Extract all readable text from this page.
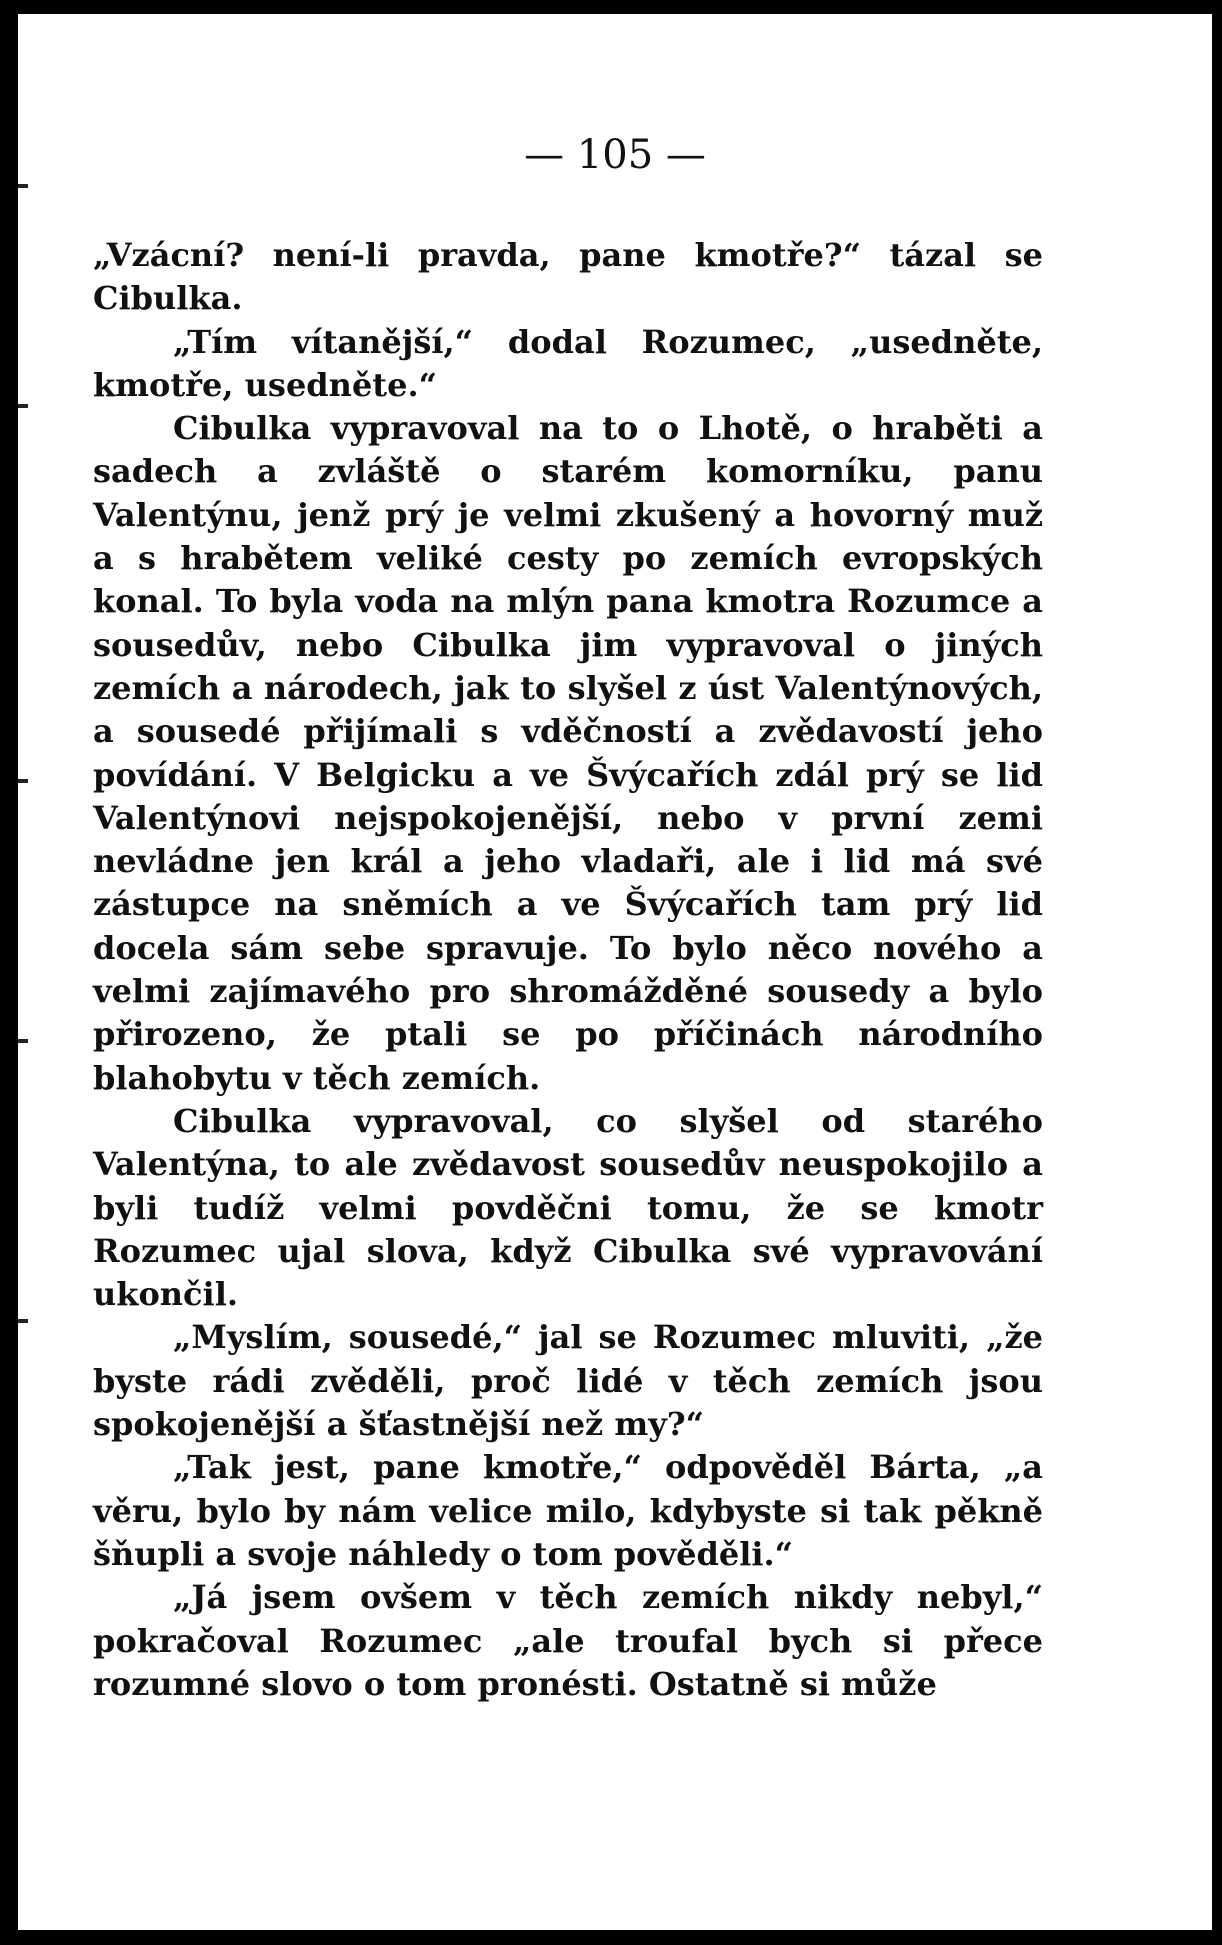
— 105 —

„Vzácní? není-li pravda, pane kmotře?“ tázal se Cibulka.

„Tím vítanější,“ dodal Rozumec, „usedněte, kmotře, usedněte.“

Cibulka vypravoval na to o Lhotě, o hraběti a sadech a zvláště o starém komorníku, panu Valentýnu, jenž prý je velmi zkušený a hovorný muž a s hrabětem veliké cesty po zemích evropských konal. To byla voda na mlýn pana kmotra Rozumce a sousedův, nebo Cibulka jim vypravoval o jiných zemích a národech, jak to slyšel z úst Valentýnových, a sousedé přijímali s vděčností a zvědavostí jeho povídání. V Belgicku a ve Švýcařích zdál prý se lid Valentýnovi nejspokojenější, nebo v první zemi nevládne jen král a jeho vladaři, ale i lid má své zástupce na sněmích a ve Švýcařích tam prý lid docela sám sebe spravuje. To bylo něco nového a velmi zajímavého pro shromážděné sousedy a bylo přirozeno, že ptali se po příčinách národního blahobytu v těch zemích.

Cibulka vypravoval, co slyšel od starého Valentýna, to ale zvědavost sousedův neuspokojilo a byli tudíž velmi povděčni tomu, že se kmotr Rozumec ujal slova, když Cibulka své vypravování ukončil.

„Myslím, sousedé,“ jal se Rozumec mluviti, „že byste rádi zvěděli, proč lidé v těch zemích jsou spokojenější a šťastnější než my?“

„Tak jest, pane kmotře,“ odpověděl Bárta, „a věru, bylo by nám velice milo, kdybyste si tak pěkně šňupli a svoje náhledy o tom pověděli.“

„Já jsem ovšem v těch zemích nikdy nebyl,“ pokračoval Rozumec „ale troufal bych si přece rozumné slovo o tom pronésti. Ostatně si může
